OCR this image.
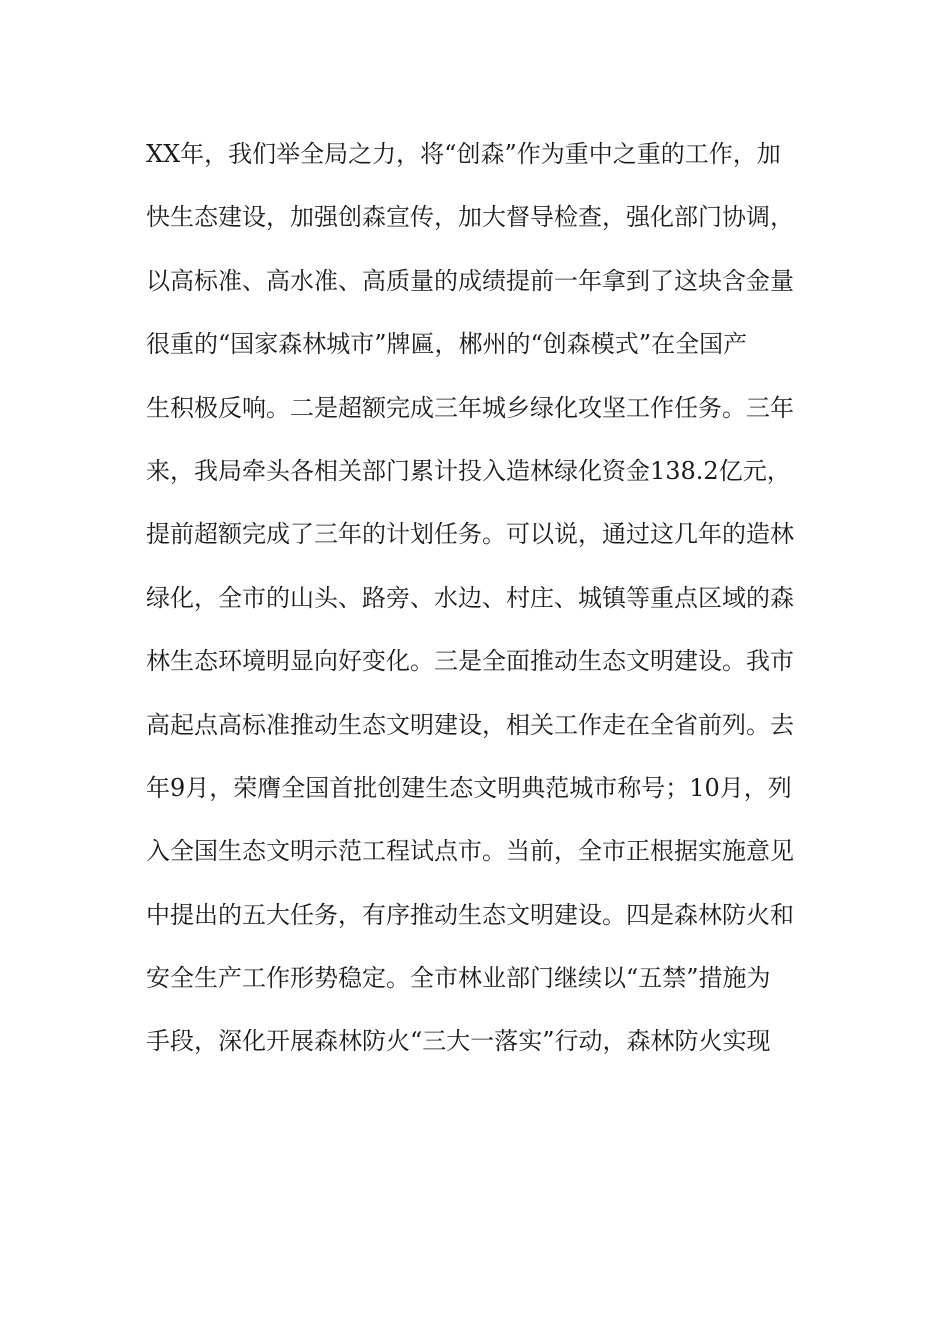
XX年，我们举全局之力，将“创森”作为重中之重的工作，加
快生态建设，加强创森宣传，加大督导检查，强化部门协调，
以高标准、高水准、高质量的成绩提前一年拿到了这块含金量
很重的“国家森林城市”牌匾，郴州的“创森模式”在全国产
生积极反响。二是超额完成三年城乡绿化攻坚工作任务。三年
来，我局牵头各相关部门累计投入造林绿化资金138.2亿元，
提前超额完成了三年的计划任务。可以说，通过这几年的造林
绿化，全市的山头、路旁、水边、村庄、城镇等重点区域的森
林生态环境明显向好变化。三是全面推动生态文明建设。我市
高起点高标准推动生态文明建设，相关工作走在全省前列。去
年9月，荣膺全国首批创建生态文明典范城市称号；10月，列
入全国生态文明示范工程试点市。当前，全市正根据实施意见
中提出的五大任务，有序推动生态文明建设。四是森林防火和
安全生产工作形势稳定。全市林业部门继续以“五禁”措施为
手段，深化开展森林防火“三大一落实”行动，森林防火实现
